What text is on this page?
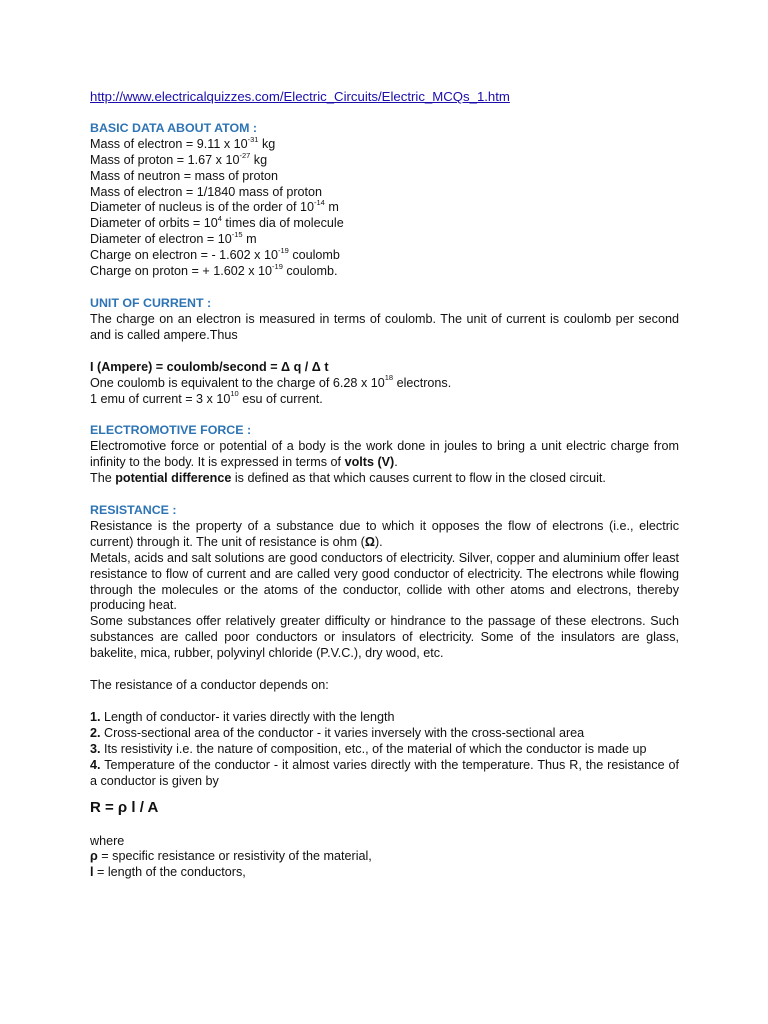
http://www.electricalquizzes.com/Electric_Circuits/Electric_MCQs_1.htm
BASIC DATA ABOUT ATOM :
Mass of electron = 9.11 x $10^{-31}$ kg
Mass of proton = 1.67 x $10^{-27}$ kg
Mass of neutron = mass of proton
Mass of electron = 1/1840 mass of proton
Diameter of nucleus is of the order of $10^{-14}$ m
Diameter of orbits = $10^4$ times dia of molecule
Diameter of electron = $10^{-15}$ m
Charge on electron = - 1.602 x $10^{-19}$ coulomb
Charge on proton = + 1.602 x $10^{-19}$ coulomb.
UNIT OF CURRENT :

The charge on an electron is measured in terms of coulomb. The unit of current is coulomb per second and is called ampere.Thus

I (Ampere) = coulomb/second = Δ q / Δ t
One coulomb is equivalent to the charge of 6.28 x $10^{18}$ electrons.
1 emu of current = 3 x $10^{10}$ esu of current.
ELECTROMOTIVE FORCE :

Electromotive force or potential of a body is the work done in joules to bring a unit electric charge from infinity to the body. It is expressed in terms of volts (V).

The potential difference is defined as that which causes current to flow in the closed circuit.

RESISTANCE :

Resistance is the property of a substance due to which it opposes the flow of electrons (i.e., electric current) through it. The unit of resistance is ohm (Ω).

Metals, acids and salt solutions are good conductors of electricity. Silver, copper and aluminium offer least resistance to flow of current and are called very good conductor of electricity. The electrons while flowing through the molecules or the atoms of the conductor, collide with other atoms and electrons, thereby producing heat.

Some substances offer relatively greater difficulty or hindrance to the passage of these electrons. Such substances are called poor conductors or insulators of electricity. Some of the insulators are glass, bakelite, mica, rubber, polyvinyl chloride (P.V.C.), dry wood, etc.

The resistance of a conductor depends on:

1. Length of conductor- it varies directly with the length

2. Cross-sectional area of the conductor - it varies inversely with the cross-sectional area

3. Its resistivity i.e. the nature of composition, etc., of the material of which the conductor is made up

4. Temperature of the conductor - it almost varies directly with the temperature. Thus R, the resistance of a conductor is given by

R = ρ l / A

where

ρ = specific resistance or resistivity of the material,

l = length of the conductors,
